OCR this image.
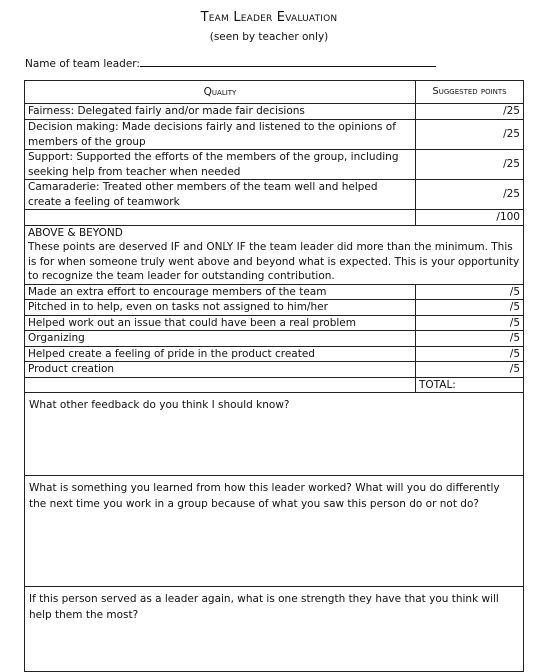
Team Leader Evaluation
(seen by teacher only)
Name of team leader:
Quality	Suggested points
Fairness: Delegated fairly and/or made fair decisions	/25
Decision making: Made decisions fairly and listened to the opinions of members of the group	/25
Support: Supported the efforts of the members of the group, including seeking help from teacher when needed	/25
Camaraderie: Treated other members of the team well and helped create a feeling of teamwork	/25
	/100

ABOVE & BEYOND
These points are deserved IF and ONLY IF the team leader did more than the minimum. This is for when someone truly went above and beyond what is expected. This is your opportunity to recognize the team leader for outstanding contribution.	

Made an extra effort to encourage members of the team	/5
Pitched in to help, even on tasks not assigned to him/her	/5
Helped work out an issue that could have been a real problem	/5
Organizing	/5
Helped create a feeling of pride in the product created	/5
Product creation	/5
	TOTAL:

What other feedback do you think I should know?	

What is something you learned from how this leader worked? What will you do differently the next time you work in a group because of what you saw this person do or not do?	

If this person served as a leader again, what is one strength they have that you think will help them the most?	
